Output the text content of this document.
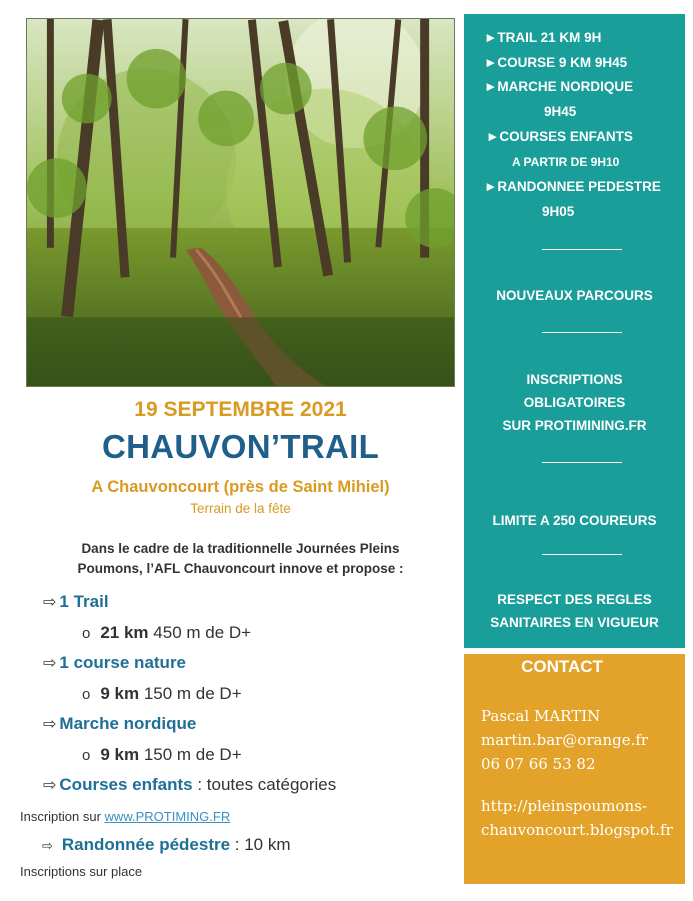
►TRAIL 21 KM 9H
►COURSE 9 KM 9H45
►MARCHE NORDIQUE
9H45
►COURSES ENFANTS
A PARTIR DE 9H10
►RANDONNEE PEDESTRE
9H05
NOUVEAUX PARCOURS
INSCRIPTIONS
OBLIGATOIRES
SUR PROTIMINING.FR
LIMITE A 250 COUREURS
RESPECT DES REGLES
SANITAIRES EN VIGUEUR
CONTACT
Pascal MARTIN
martin.bar@orange.fr
06 07 66 53 82
http://pleinspoumons-
chauvoncourt.blogspot.fr
19 SEPTEMBRE 2021
CHAUVON’TRAIL
A Chauvoncourt (près de Saint Mihiel)
Terrain de la fête
Dans le cadre de la traditionnelle Journées Pleins
Poumons, l’AFL Chauvoncourt innove et propose :
⇨ 1 Trail
o 21 km 450 m de D+
⇨ 1 course nature
o 9 km 150 m de D+
⇨ Marche nordique
o 9 km 150 m de D+
⇨ Courses enfants : toutes catégories
Inscription sur www.PROTIMING.FR
⇨ Randonnée pédestre : 10 km
Inscriptions sur place
